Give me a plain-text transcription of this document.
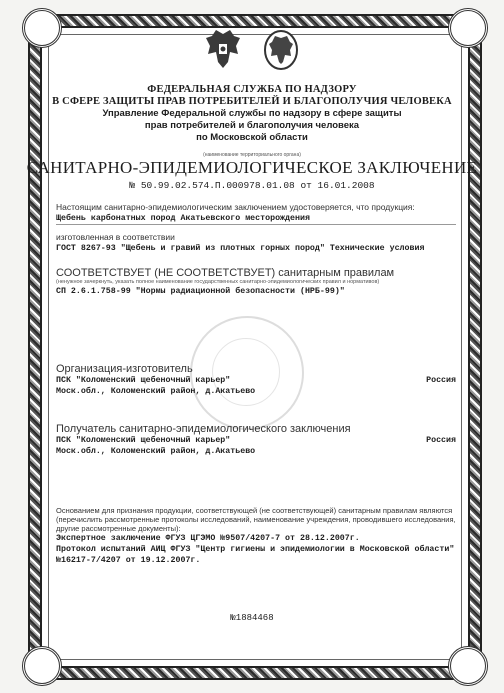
ФЕДЕРАЛЬНАЯ СЛУЖБА ПО НАДЗОРУ
В СФЕРЕ ЗАЩИТЫ ПРАВ ПОТРЕБИТЕЛЕЙ И БЛАГОПОЛУЧИЯ ЧЕЛОВЕКА
Управление Федеральной службы по надзору в сфере защиты
прав потребителей и благополучия человека
по Московской области
(наименование территориального органа)
САНИТАРНО-ЭПИДЕМИОЛОГИЧЕСКОЕ ЗАКЛЮЧЕНИЕ
№ 50.99.02.574.П.000978.01.08 от 16.01.2008
Настоящим санитарно-эпидемиологическим заключением удостоверяется, что продукция:
Щебень карбонатных пород Акатьевского месторождения
изготовленная в соответствии
ГОСТ 8267-93 "Щебень и гравий из плотных горных пород" Технические условия
СООТВЕТСТВУЕТ (НЕ СООТВЕТСТВУЕТ) санитарным правилам
(ненужное зачеркнуть, указать полное наименование государственных санитарно-эпидемиологических правил и нормативов)
СП 2.6.1.758-99 "Нормы радиационной безопасности (НРБ-99)"
Организация-изготовитель
ПСК "Коломенский щебеночный карьер"	Россия
Моск.обл., Коломенский район, д.Акатьево
Получатель санитарно-эпидемиологического заключения
ПСК "Коломенский щебеночный карьер"	Россия
Моск.обл., Коломенский район, д.Акатьево
Основанием для признания продукции, соответствующей (не соответствующей) санитарным правилам являются (перечислить рассмотренные протоколы исследований, наименование учреждения, проводившего исследования, другие рассмотренные документы):
Экспертное заключение ФГУЗ ЦГЭМО №9507/4207-7 от 28.12.2007г.
Протокол испытаний АИЦ ФГУЗ "Центр гигиены и эпидемиологии в Московской области" №16217-7/4207 от 19.12.2007г.
№1884468
